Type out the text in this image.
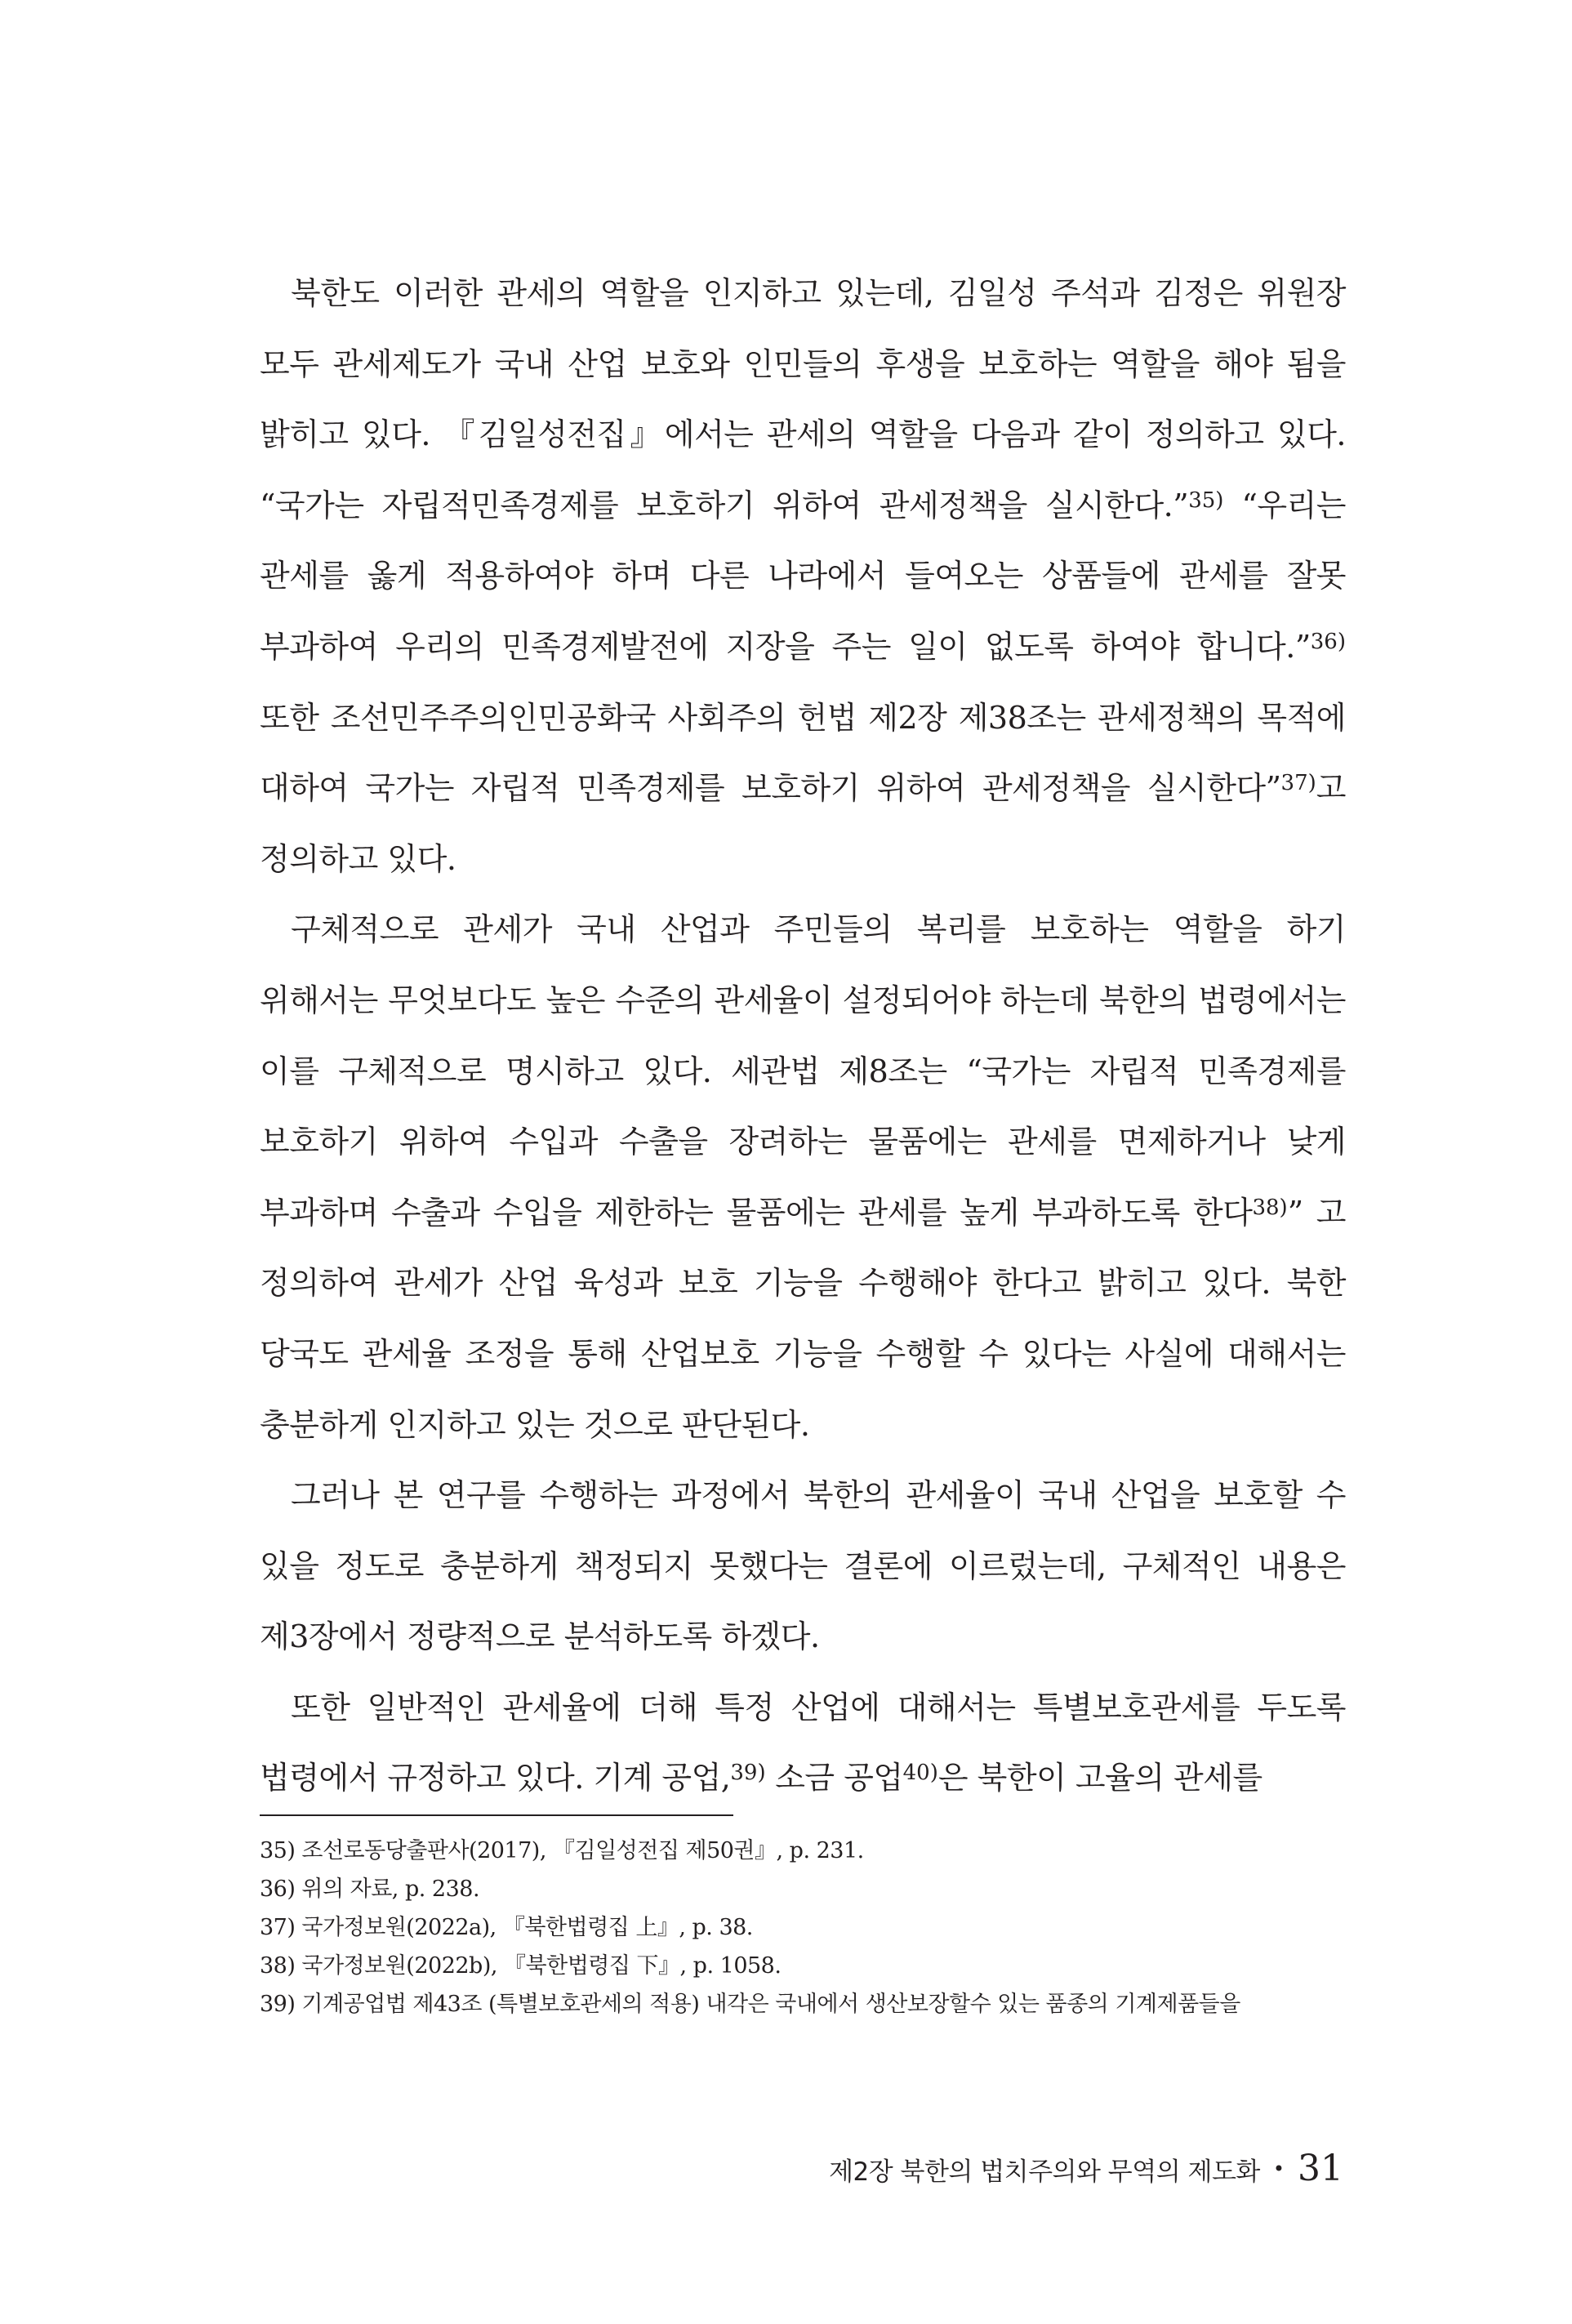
북한도 이러한 관세의 역할을 인지하고 있는데, 김일성 주석과 김정은 위원장 모두 관세제도가 국내 산업 보호와 인민들의 후생을 보호하는 역할을 해야 됨을 밝히고 있다. 『김일성전집』에서는 관세의 역할을 다음과 같이 정의하고 있다. “국가는 자립적민족경제를 보호하기 위하여 관세정책을 실시한다.”$^{35)}$ “우리는 관세를 옳게 적용하여야 하며 다른 나라에서 들여오는 상품들에 관세를 잘못 부과하여 우리의 민족경제발전에 지장을 주는 일이 없도록 하여야 합니다.”$^{36)}$ 또한 조선민주주의인민공화국 사회주의 헌법 제2장 제38조는 관세정책의 목적에 대하여 국가는 자립적 민족경제를 보호하기 위하여 관세정책을 실시한다”$^{37)}$고 정의하고 있다.

구체적으로 관세가 국내 산업과 주민들의 복리를 보호하는 역할을 하기 위해서는 무엇보다도 높은 수준의 관세율이 설정되어야 하는데 북한의 법령에서는 이를 구체적으로 명시하고 있다. 세관법 제8조는 “국가는 자립적 민족경제를 보호하기 위하여 수입과 수출을 장려하는 물품에는 관세를 면제하거나 낮게 부과하며 수출과 수입을 제한하는 물품에는 관세를 높게 부과하도록 한다$^{38)}$” 고 정의하여 관세가 산업 육성과 보호 기능을 수행해야 한다고 밝히고 있다. 북한 당국도 관세율 조정을 통해 산업보호 기능을 수행할 수 있다는 사실에 대해서는 충분하게 인지하고 있는 것으로 판단된다.

그러나 본 연구를 수행하는 과정에서 북한의 관세율이 국내 산업을 보호할 수 있을 정도로 충분하게 책정되지 못했다는 결론에 이르렀는데, 구체적인 내용은 제3장에서 정량적으로 분석하도록 하겠다.

또한 일반적인 관세율에 더해 특정 산업에 대해서는 특별보호관세를 두도록 법령에서 규정하고 있다. 기계 공업,$^{39)}$ 소금 공업$^{40)}$은 북한이 고율의 관세를

35) 조선로동당출판사(2017), 『김일성전집 제50권』, p. 231.
36) 위의 자료, p. 238.
37) 국가정보원(2022a), 『북한법령집 上』, p. 38.
38) 국가정보원(2022b), 『북한법령집 下』, p. 1058.
39) 기계공업법 제43조 (특별보호관세의 적용) 내각은 국내에서 생산보장할수 있는 품종의 기계제품들을
제2장 북한의 법치주의와 무역의 제도화 • 31
